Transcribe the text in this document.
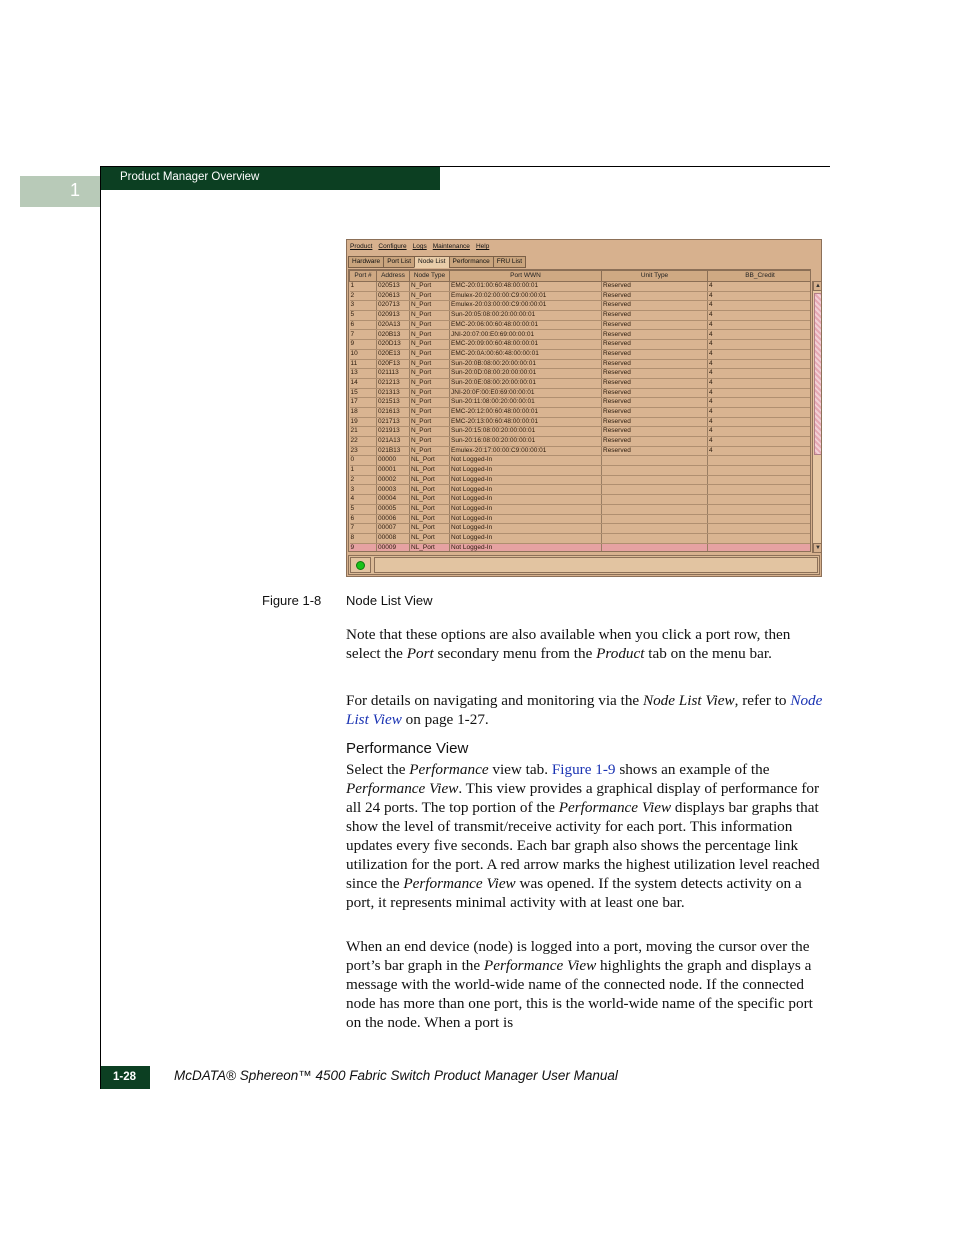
1
Product Manager Overview
Product Configure Logs Maintenance Help
Hardware	Port List	Node List	Performance	FRU List
Port #	Address	Node Type	Port WWN	Unit Type	BB_Credit
1	020513	N_Port	EMC-20:01:00:60:48:00:00:01	Reserved	4
2	020613	N_Port	Emulex-20:02:00:00:C9:00:00:01	Reserved	4
3	020713	N_Port	Emulex-20:03:00:00:C9:00:00:01	Reserved	4
5	020913	N_Port	Sun-20:05:08:00:20:00:00:01	Reserved	4
6	020A13	N_Port	EMC-20:06:00:60:48:00:00:01	Reserved	4
7	020B13	N_Port	JNI-20:07:00:E0:69:00:00:01	Reserved	4
9	020D13	N_Port	EMC-20:09:00:60:48:00:00:01	Reserved	4
10	020E13	N_Port	EMC-20:0A:00:60:48:00:00:01	Reserved	4
11	020F13	N_Port	Sun-20:0B:08:00:20:00:00:01	Reserved	4
13	021113	N_Port	Sun-20:0D:08:00:20:00:00:01	Reserved	4
14	021213	N_Port	Sun-20:0E:08:00:20:00:00:01	Reserved	4
15	021313	N_Port	JNI-20:0F:00:E0:69:00:00:01	Reserved	4
17	021513	N_Port	Sun-20:11:08:00:20:00:00:01	Reserved	4
18	021613	N_Port	EMC-20:12:00:60:48:00:00:01	Reserved	4
19	021713	N_Port	EMC-20:13:00:60:48:00:00:01	Reserved	4
21	021913	N_Port	Sun-20:15:08:00:20:00:00:01	Reserved	4
22	021A13	N_Port	Sun-20:16:08:00:20:00:00:01	Reserved	4
23	021B13	N_Port	Emulex-20:17:00:00:C9:00:00:01	Reserved	4
0	00000	NL_Port	Not Logged-In		
1	00001	NL_Port	Not Logged-In		
2	00002	NL_Port	Not Logged-In		
3	00003	NL_Port	Not Logged-In		
4	00004	NL_Port	Not Logged-In		
5	00005	NL_Port	Not Logged-In		
6	00006	NL_Port	Not Logged-In		
7	00007	NL_Port	Not Logged-In		
8	00008	NL_Port	Not Logged-In		
9	00009	NL_Port	Not Logged-In		
▲
▼
Figure 1-8 Node List View

Note that these options are also available when you click a port row, then select the Port secondary menu from the Product tab on the menu bar.

For details on navigating and monitoring via the Node List View, refer to Node List View on page 1-27.

Performance View

Select the Performance view tab. Figure 1-9 shows an example of the Performance View. This view provides a graphical display of performance for all 24 ports. The top portion of the Performance View displays bar graphs that show the level of transmit/receive activity for each port. This information updates every five seconds. Each bar graph also shows the percentage link utilization for the port. A red arrow marks the highest utilization level reached since the Performance View was opened. If the system detects activity on a port, it represents minimal activity with at least one bar.

When an end device (node) is logged into a port, moving the cursor over the port’s bar graph in the Performance View highlights the graph and displays a message with the world-wide name of the connected node. If the connected node has more than one port, this is the world-wide name of the specific port on the node. When a port is

1-28	McDATA® Sphereon™ 4500 Fabric Switch Product Manager User Manual
